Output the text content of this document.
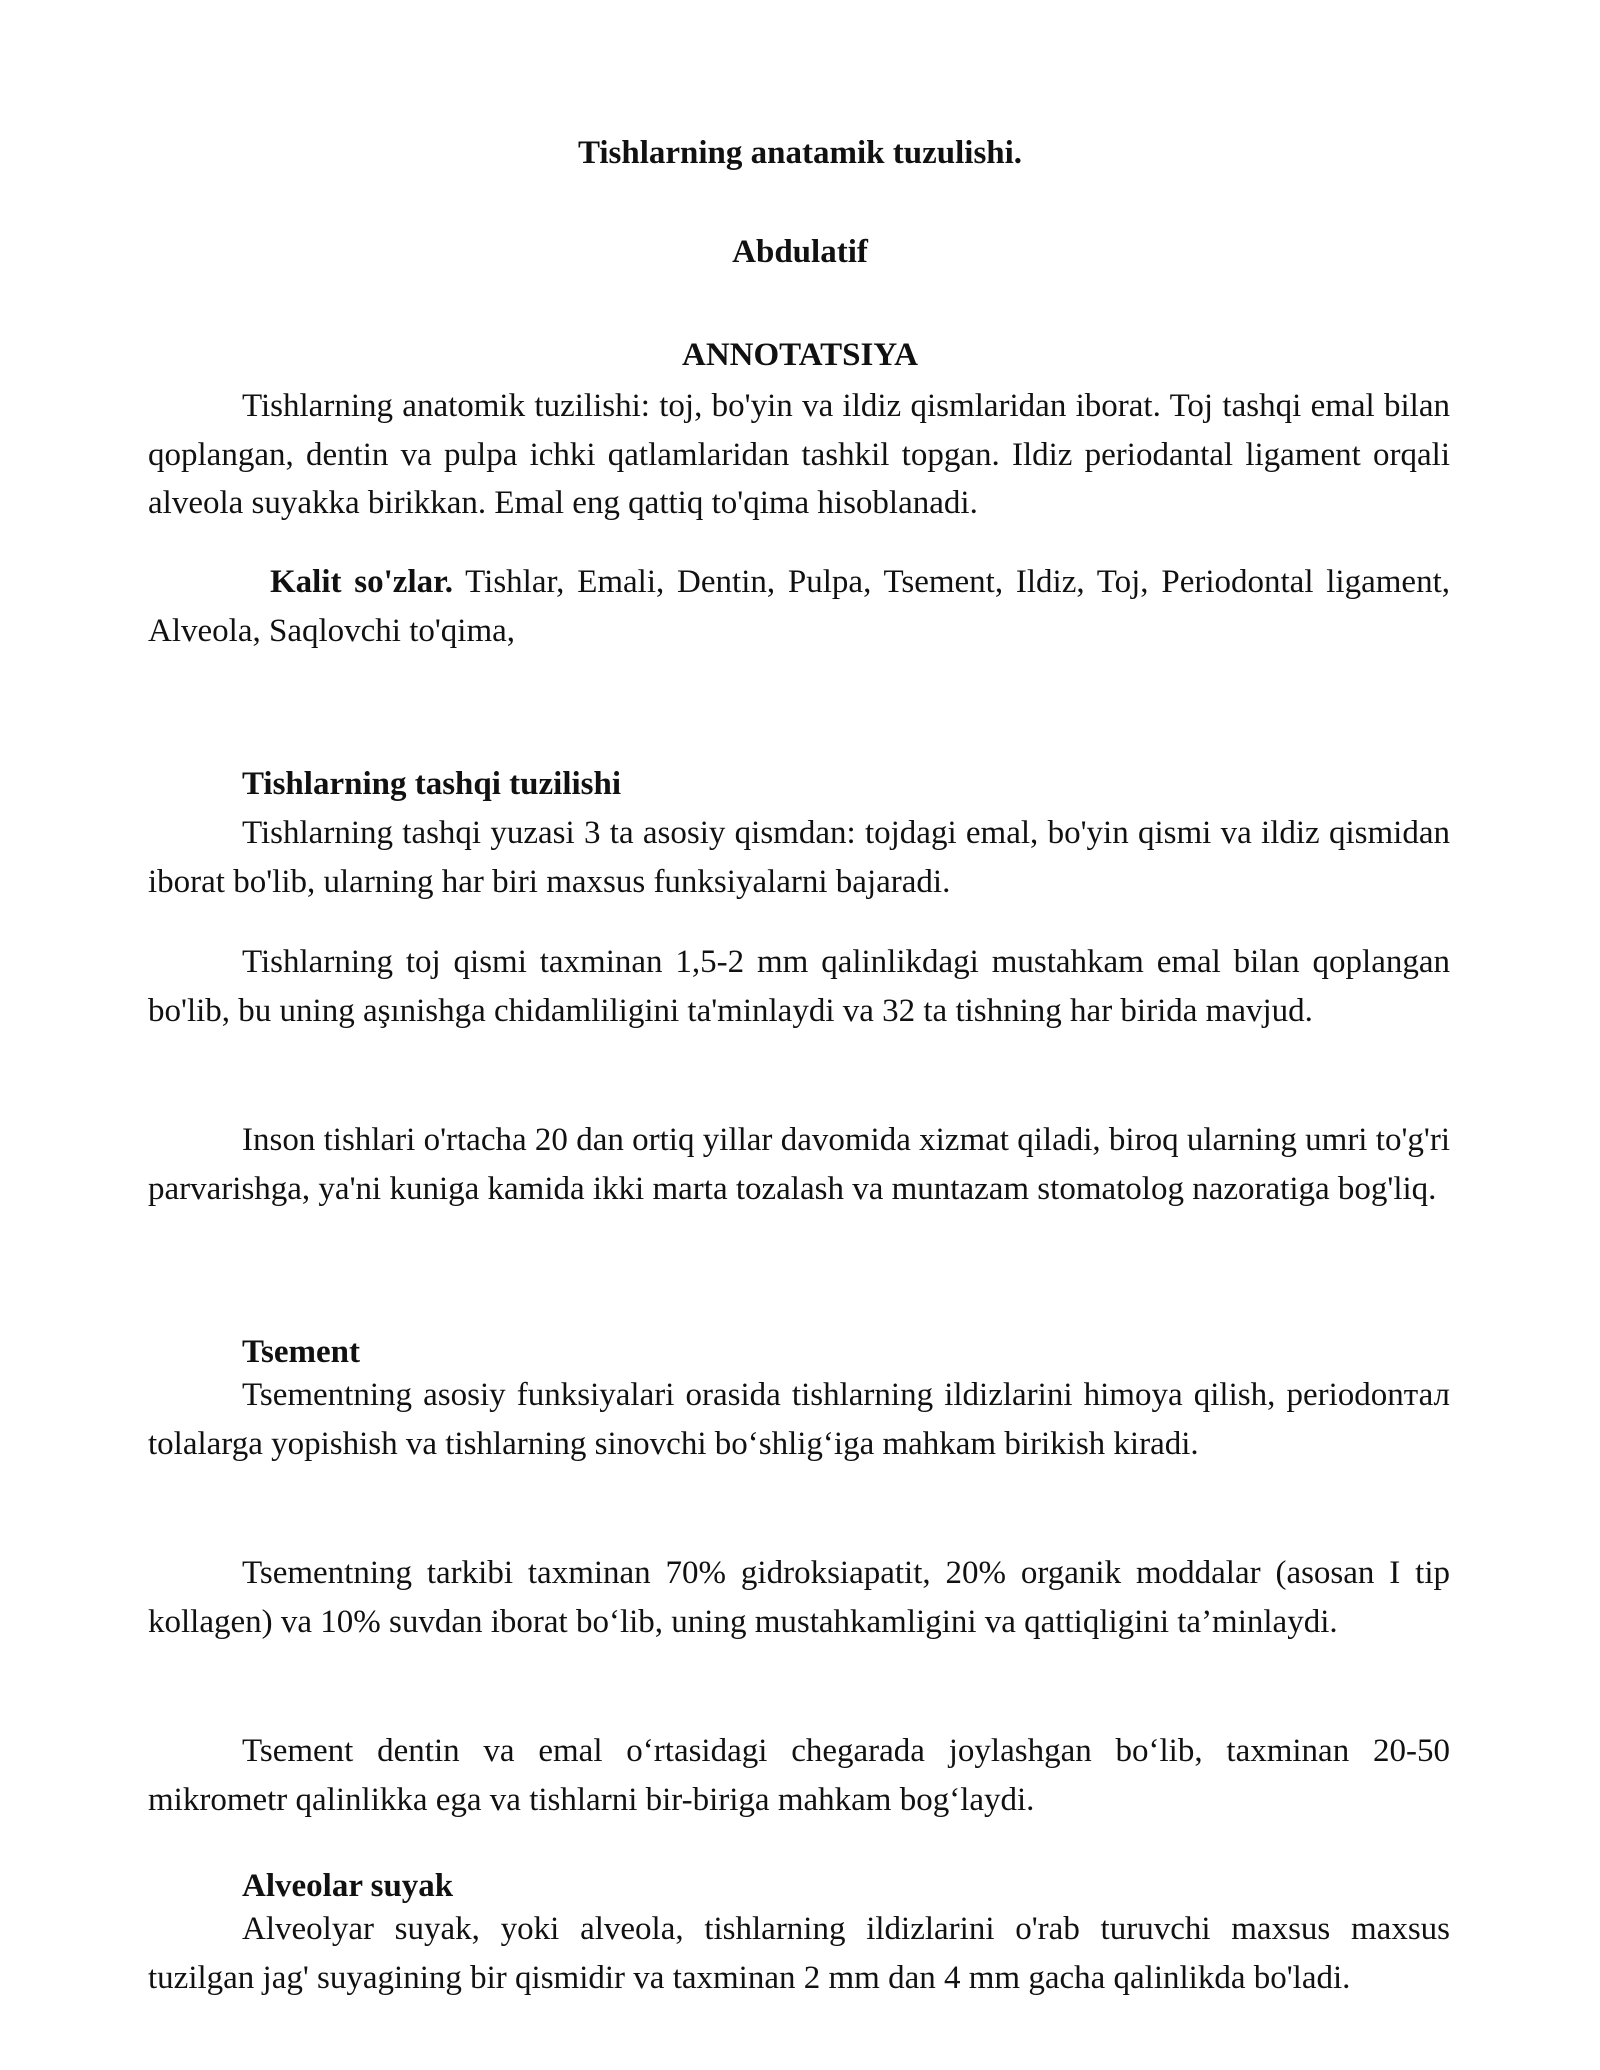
Tishlarning anatamik tuzulishi.
Abdulatif
ANNOTATSIYA

Tishlarning anatomik tuzilishi: toj, bo'yin va ildiz qismlaridan iborat. Toj tashqi emal bilan qoplangan, dentin va pulpa ichki qatlamlaridan tashkil topgan. Ildiz periodantal ligament orqali alveola suyakka birikkan. Emal eng qattiq to'qima hisoblanadi.

Kalit so'zlar. Tishlar, Emali, Dentin, Pulpa, Tsement, Ildiz, Toj, Periodontal ligament, Alveola, Saqlovchi to'qima,

Tishlarning tashqi tuzilishi

Tishlarning tashqi yuzasi 3 ta asosiy qismdan: tojdagi emal, bo'yin qismi va ildiz qismidan iborat bo'lib, ularning har biri maxsus funksiyalarni bajaradi.

Tishlarning toj qismi taxminan 1,5-2 mm qalinlikdagi mustahkam emal bilan qoplangan bo'lib, bu uning aşınishga chidamliligini ta'minlaydi va 32 ta tishning har birida mavjud.

Inson tishlari o'rtacha 20 dan ortiq yillar davomida xizmat qiladi, biroq ularning umri to'g'ri parvarishga, ya'ni kuniga kamida ikki marta tozalash va muntazam stomatolog nazoratiga bog'liq.

Tsement

Tsementning asosiy funksiyalari orasida tishlarning ildizlarini himoya qilish, periodonтал tolalarga yopishish va tishlarning sinovchi bo‘shlig‘iga mahkam birikish kiradi.

Tsementning tarkibi taxminan 70% gidroksiapatit, 20% organik moddalar (asosan I tip kollagen) va 10% suvdan iborat bo‘lib, uning mustahkamligini va qattiqligini ta’minlaydi.

Tsement dentin va emal o‘rtasidagi chegarada joylashgan bo‘lib, taxminan 20-50 mikrometr qalinlikka ega va tishlarni bir-biriga mahkam bog‘laydi.

Alveolar suyak

Alveolyar suyak, yoki alveola, tishlarning ildizlarini o'rab turuvchi maxsus maxsus tuzilgan jag' suyagining bir qismidir va taxminan 2 mm dan 4 mm gacha qalinlikda bo'ladi.
